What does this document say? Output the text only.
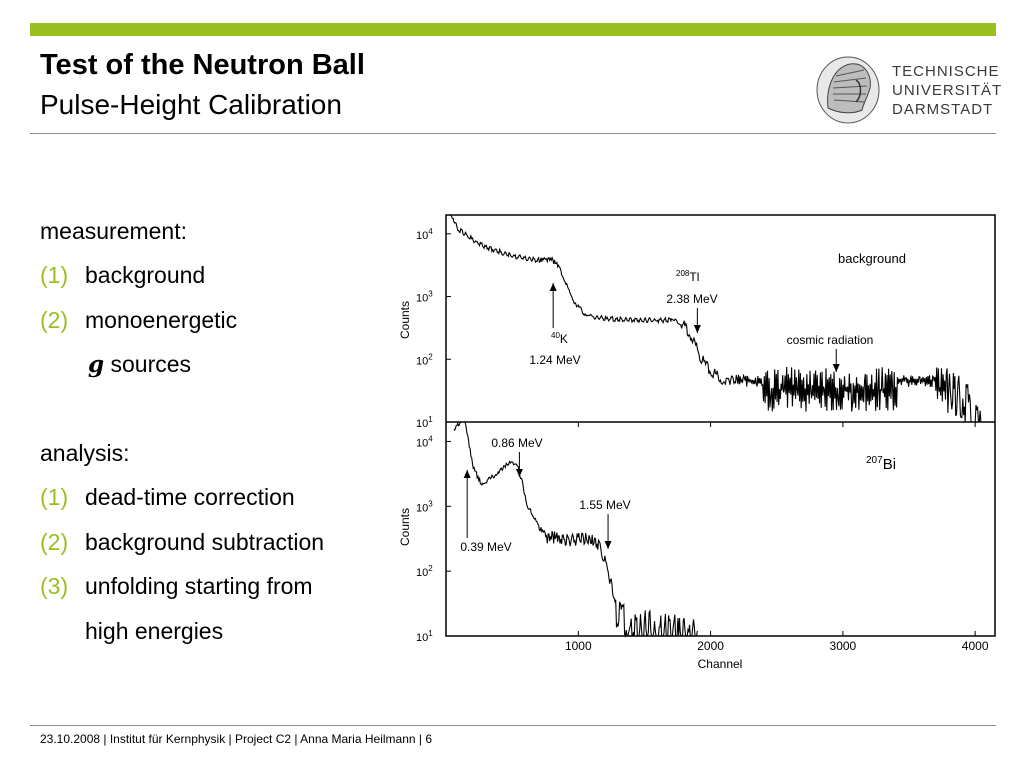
Test of the Neutron Ball
Pulse-Height Calibration
TECHNISCHE
UNIVERSITÄT
DARMSTADT
measurement:
(1) background
(2) monoenergetic
g sources
analysis:
(1) dead-time correction
(2) background subtraction
(3) unfolding starting from
high energies
$10^1$
$10^2$
$10^3$
$10^4$
$10^1$
$10^2$
$10^3$
$10^4$
1000	2000	3000	4000
background
Counts	$^{40}$K
1.24 MeV
$^{208}$Tl
2.38 MeV
cosmic radiation
$^{207}$Bi
Counts
0.39 MeV
0.86 MeV
1.55 MeV
Channel
23.10.2008 | Institut für Kernphysik | Project C2 | Anna Maria Heilmann | 6
